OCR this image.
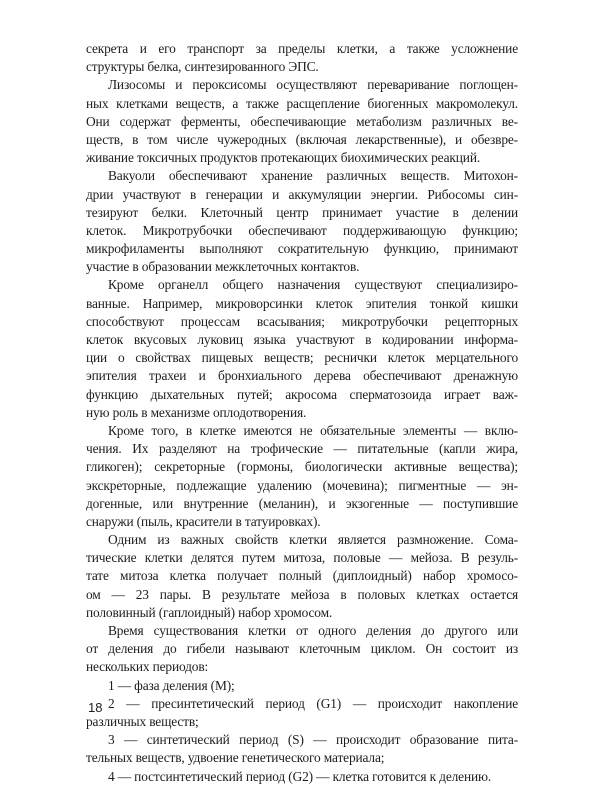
секрета и его транспорт за пределы клетки, а также усложнение
структуры белка, синтезированного ЭПС.
Лизосомы и пероксисомы осуществляют переваривание поглощен-
ных клетками веществ, а также расщепление биогенных макромолекул.
Они содержат ферменты, обеспечивающие метаболизм различных ве-
ществ, в том числе чужеродных (включая лекарственные), и обезвре-
живание токсичных продуктов протекающих биохимических реакций.
Вакуоли обеспечивают хранение различных веществ. Митохон-
дрии участвуют в генерации и аккумуляции энергии. Рибосомы син-
тезируют белки. Клеточный центр принимает участие в делении
клеток. Микротрубочки обеспечивают поддерживающую функцию;
микрофиламенты выполняют сократительную функцию, принимают
участие в образовании межклеточных контактов.
Кроме органелл общего назначения существуют специализиро-
ванные. Например, микроворсинки клеток эпителия тонкой кишки
способствуют процессам всасывания; микротрубочки рецепторных
клеток вкусовых луковиц языка участвуют в кодировании информа-
ции о свойствах пищевых веществ; реснички клеток мерцательного
эпителия трахеи и бронхиального дерева обеспечивают дренажную
функцию дыхательных путей; акросома сперматозоида играет важ-
ную роль в механизме оплодотворения.
Кроме того, в клетке имеются не обязательные элементы — вклю-
чения. Их разделяют на трофические — питательные (капли жира,
гликоген); секреторные (гормоны, биологически активные вещества);
экскреторные, подлежащие удалению (мочевина); пигментные — эн-
догенные, или внутренние (меланин), и экзогенные — поступившие
снаружи (пыль, красители в татуировках).
Одним из важных свойств клетки является размножение. Сома-
тические клетки делятся путем митоза, половые — мейоза. В резуль-
тате митоза клетка получает полный (диплоидный) набор хромосо-
ом — 23 пары. В результате мейоза в половых клетках остается
половинный (гаплоидный) набор хромосом.
Время существования клетки от одного деления до другого или
от деления до гибели называют клеточным циклом. Он состоит из
нескольких периодов:
1 — фаза деления (М);
2 — пресинтетический период (G1) — происходит накопление
различных веществ;
3 — синтетический период (S) — происходит образование пита-
тельных веществ, удвоение генетического материала;
4 — постсинтетический период (G2) — клетка готовится к делению.
18
